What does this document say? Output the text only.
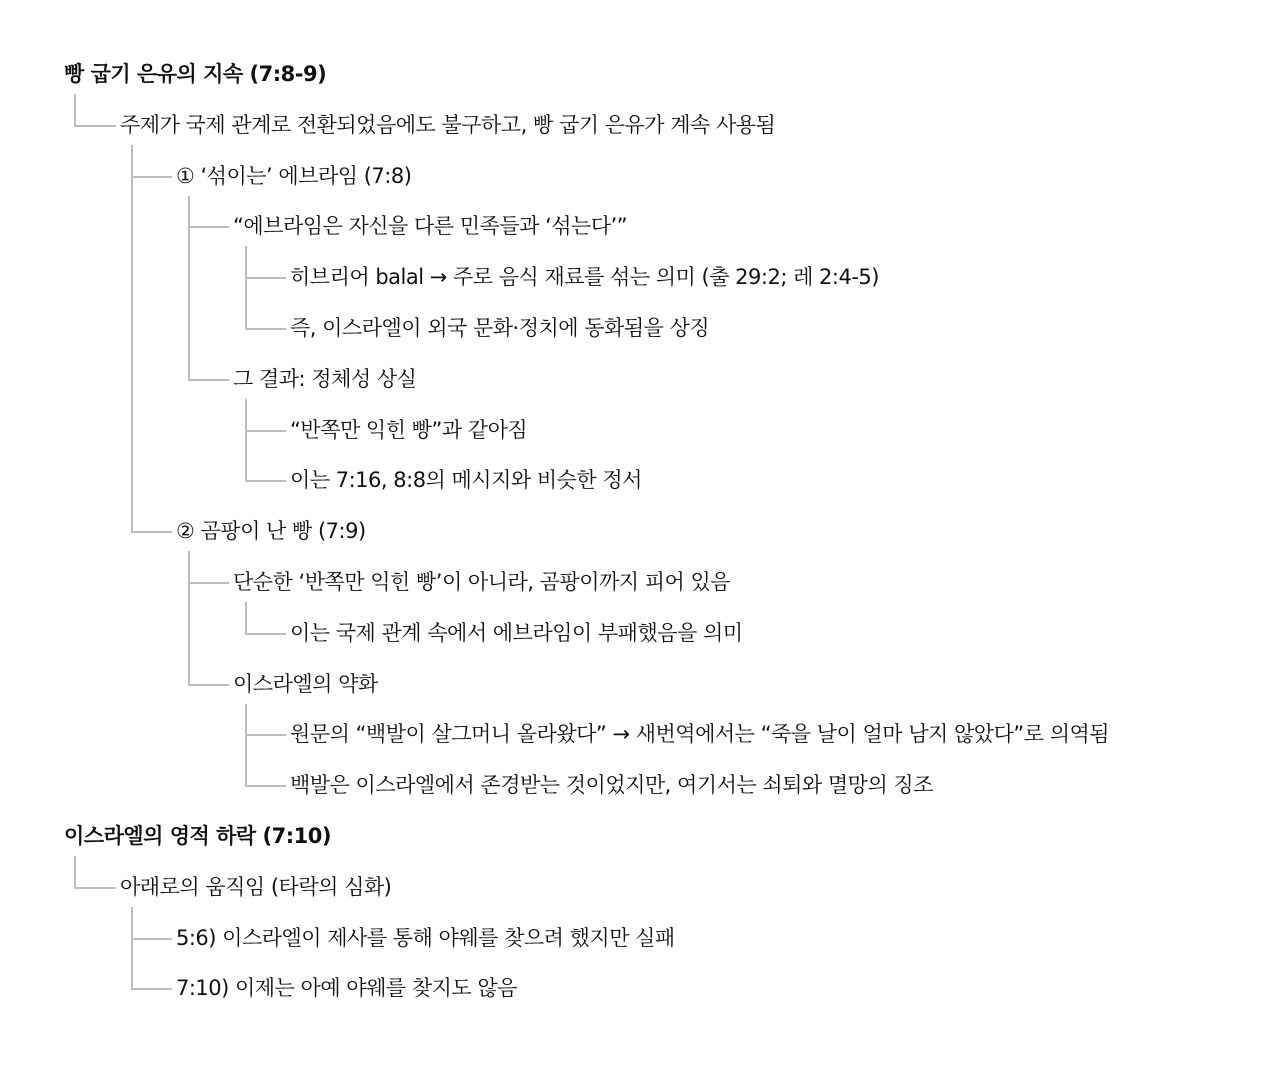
빵 굽기 은유의 지속 (7:8-9)
주제가 국제 관계로 전환되었음에도 불구하고, 빵 굽기 은유가 계속 사용됨
① ‘섞이는’ 에브라임 (7:8)
“에브라임은 자신을 다른 민족들과 ‘섞는다’”
히브리어 balal → 주로 음식 재료를 섞는 의미 (출 29:2; 레 2:4-5)
즉, 이스라엘이 외국 문화·정치에 동화됨을 상징
그 결과: 정체성 상실
“반쪽만 익힌 빵”과 같아짐
이는 7:16, 8:8의 메시지와 비슷한 정서
② 곰팡이 난 빵 (7:9)
단순한 ‘반쪽만 익힌 빵’이 아니라, 곰팡이까지 피어 있음
이는 국제 관계 속에서 에브라임이 부패했음을 의미
이스라엘의 약화
원문의 “백발이 살그머니 올라왔다” → 새번역에서는 “죽을 날이 얼마 남지 않았다”로 의역됨
백발은 이스라엘에서 존경받는 것이었지만, 여기서는 쇠퇴와 멸망의 징조
이스라엘의 영적 하락 (7:10)
아래로의 움직임 (타락의 심화)
5:6) 이스라엘이 제사를 통해 야웨를 찾으려 했지만 실패
7:10) 이제는 아예 야웨를 찾지도 않음
